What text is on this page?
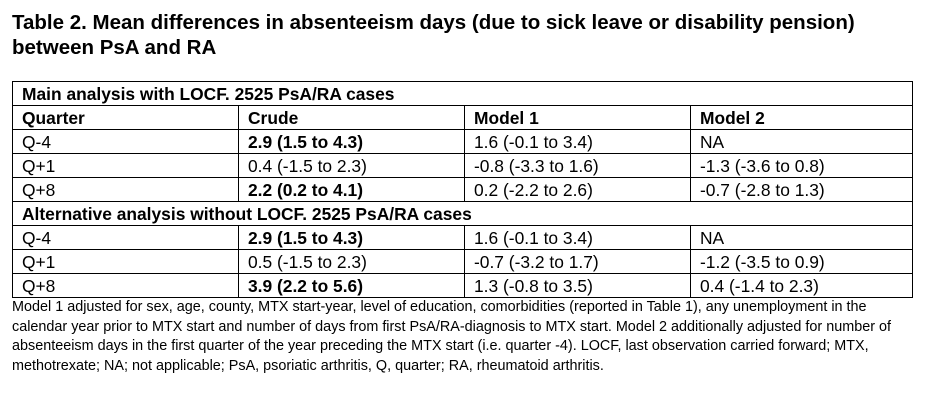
Table 2. Mean differences in absenteeism days (due to sick leave or disability pension) between PsA and RA
Main analysis with LOCF. 2525 PsA/RA cases			
Quarter	Crude	Model 1	Model 2
Q-4	2.9 (1.5 to 4.3)	1.6 (-0.1 to 3.4)	NA
Q+1	0.4 (-1.5 to 2.3)	-0.8 (-3.3 to 1.6)	-1.3 (-3.6 to 0.8)
Q+8	2.2 (0.2 to 4.1)	0.2 (-2.2 to 2.6)	-0.7 (-2.8 to 1.3)
Alternative analysis without LOCF. 2525 PsA/RA cases			
Q-4	2.9 (1.5 to 4.3)	1.6 (-0.1 to 3.4)	NA
Q+1	0.5 (-1.5 to 2.3)	-0.7 (-3.2 to 1.7)	-1.2 (-3.5 to 0.9)
Q+8	3.9 (2.2 to 5.6)	1.3 (-0.8 to 3.5)	0.4 (-1.4 to 2.3)

Model 1 adjusted for sex, age, county, MTX start-year, level of education, comorbidities (reported in Table 1), any unemployment in the calendar year prior to MTX start and number of days from first PsA/RA-diagnosis to MTX start. Model 2 additionally adjusted for number of absenteeism days in the first quarter of the year preceding the MTX start (i.e. quarter -4). LOCF, last observation carried forward; MTX, methotrexate; NA; not applicable; PsA, psoriatic arthritis, Q, quarter; RA, rheumatoid arthritis.
